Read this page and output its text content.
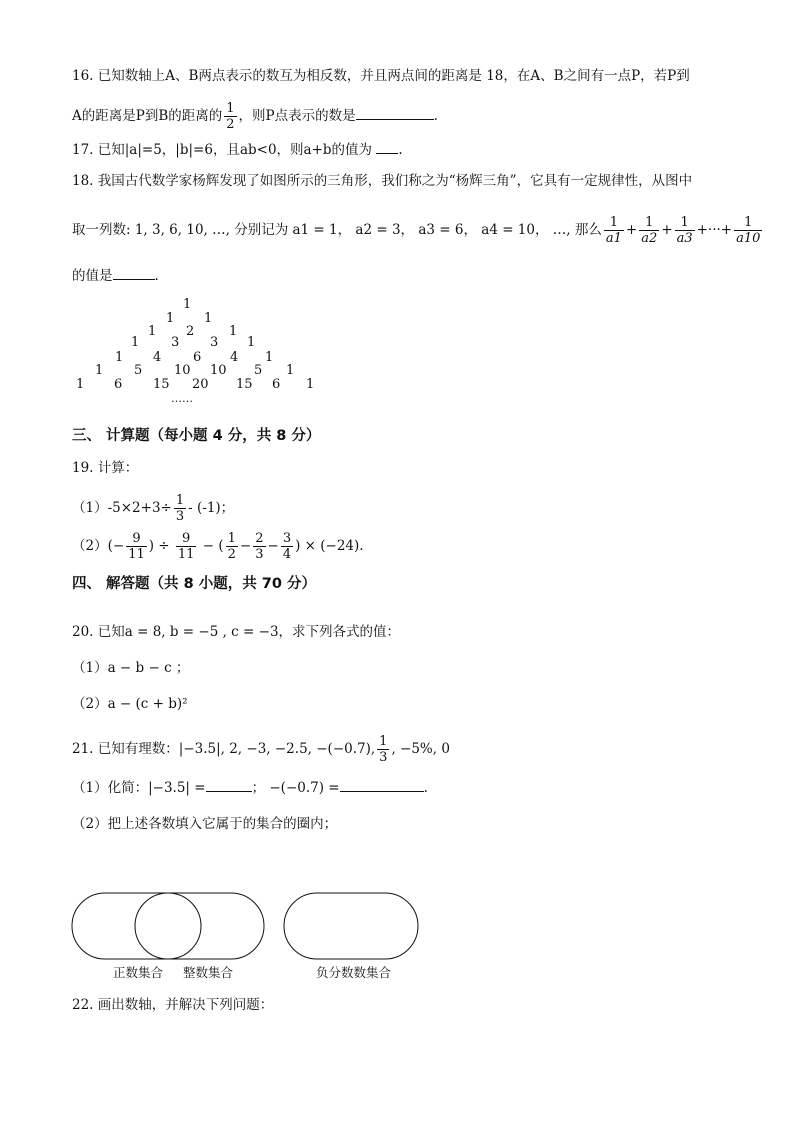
16. 已知数轴上A、B两点表示的数互为相反数，并且两点间的距离是 18，在A、B之间有一点P，若P到
A的距离是P到B的距离的 $\frac{1}{2}$ ，则P点表示的数是	.
17. 已知|a|=5，|b|=6，且ab<0，则a+b的值为 .
18. 我国古代数学家杨辉发现了如图所示的三角形，我们称之为“杨辉三角”，它具有一定规律性，从图中
取一列数: 1, 3, 6, 10, …, 分别记为 a1 = 1， a2 = 3， a3 = 6， a4 = 10， …, 那么 $\frac{1}{a1} + \frac{1}{a2} + \frac{1}{a3}$ +···+ $\frac{1}{a10}$
的值是	.
1
1 1
1 2	1
1 3 3 1
1 4 6 4 1
1 5 10 10 5 1
1 6 15 20 15 6 1
……
三、 计算题（每小题 4 分，共 8 分）
19. 计算：
$(1)-5\times 2+3\div \frac{1}{3} - (-1)$；
$(2)(- \frac{9}{11}$ ) ÷ $\frac{9}{11}$ − ( $\frac{1}{2} - \frac{2}{3} - \frac{3}{4}$ ) × (−24).
四、 解答题（共 8 小题，共 70 分）
20. 已知a = 8, b = −5 , c = −3，求下列各式的值：
（1）a − b − c ；
（2）a − (c + b)²
21. 已知有理数：|−3.5|, 2, −3, −2.5, −(−0.7), $\frac{1}{3}$ , −5%, 0
（1）化简：|−3.5| =	； −(−0.7) =	.
（2）把上述各数填入它属于的集合的圈内；
正数集合 整数集合	负分数数集合
22. 画出数轴，并解决下列问题：
